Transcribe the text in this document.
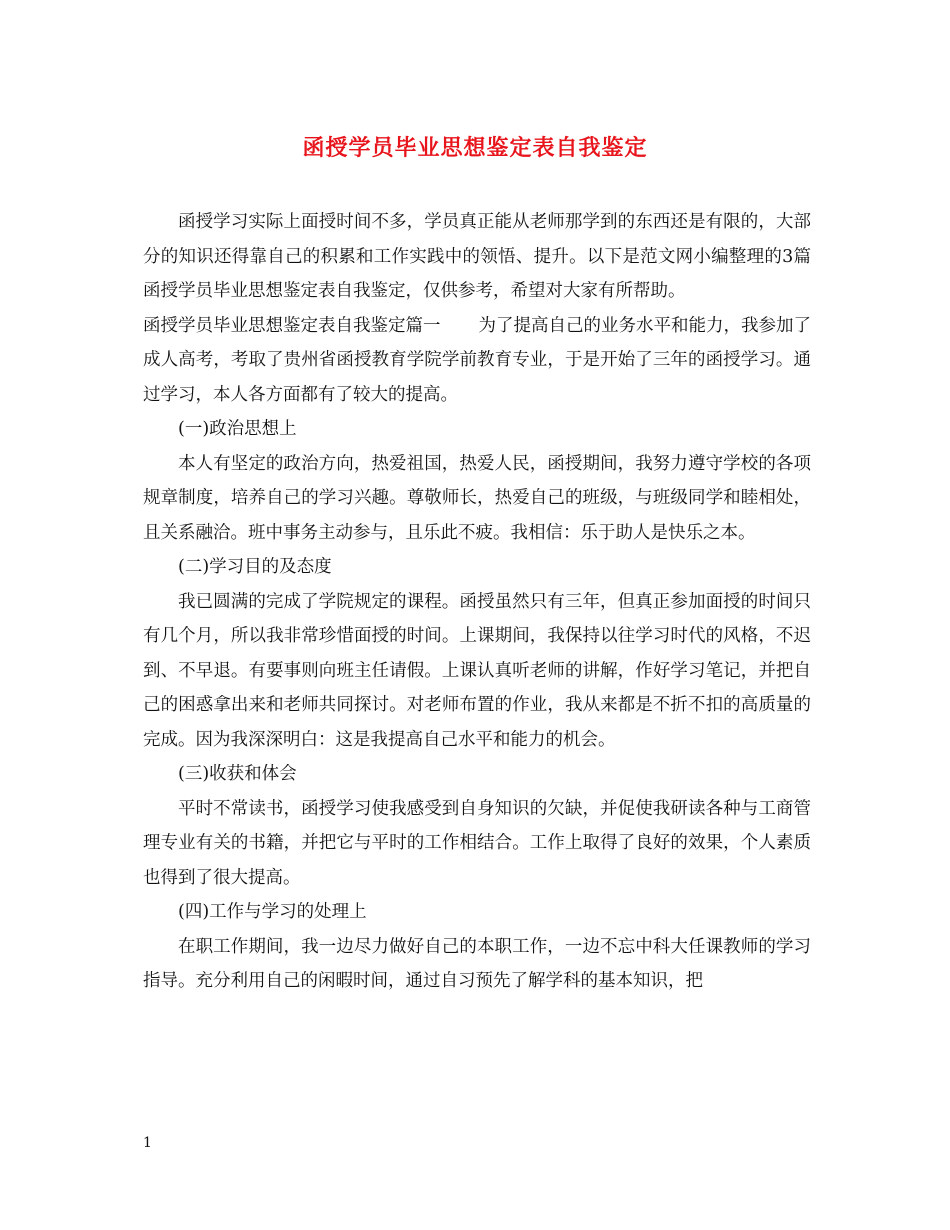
函授学员毕业思想鉴定表自我鉴定

函授学习实际上面授时间不多，学员真正能从老师那学到的东西还是有限的，大部分的知识还得靠自己的积累和工作实践中的领悟、提升。以下是范文网小编整理的3篇函授学员毕业思想鉴定表自我鉴定，仅供参考，希望对大家有所帮助。

函授学员毕业思想鉴定表自我鉴定篇一 为了提高自己的业务水平和能力，我参加了成人高考，考取了贵州省函授教育学院学前教育专业，于是开始了三年的函授学习。通过学习，本人各方面都有了较大的提高。

(一)政治思想上

本人有坚定的政治方向，热爱祖国，热爱人民，函授期间，我努力遵守学校的各项规章制度，培养自己的学习兴趣。尊敬师长，热爱自己的班级，与班级同学和睦相处，且关系融洽。班中事务主动参与，且乐此不疲。我相信：乐于助人是快乐之本。

(二)学习目的及态度

我已圆满的完成了学院规定的课程。函授虽然只有三年，但真正参加面授的时间只有几个月，所以我非常珍惜面授的时间。上课期间，我保持以往学习时代的风格，不迟到、不早退。有要事则向班主任请假。上课认真听老师的讲解，作好学习笔记，并把自己的困惑拿出来和老师共同探讨。对老师布置的作业，我从来都是不折不扣的高质量的完成。因为我深深明白：这是我提高自己水平和能力的机会。

(三)收获和体会

平时不常读书，函授学习使我感受到自身知识的欠缺，并促使我研读各种与工商管理专业有关的书籍，并把它与平时的工作相结合。工作上取得了良好的效果，个人素质也得到了很大提高。

(四)工作与学习的处理上

在职工作期间，我一边尽力做好自己的本职工作，一边不忘中科大任课教师的学习指导。充分利用自己的闲暇时间，通过自习预先了解学科的基本知识，把

1
